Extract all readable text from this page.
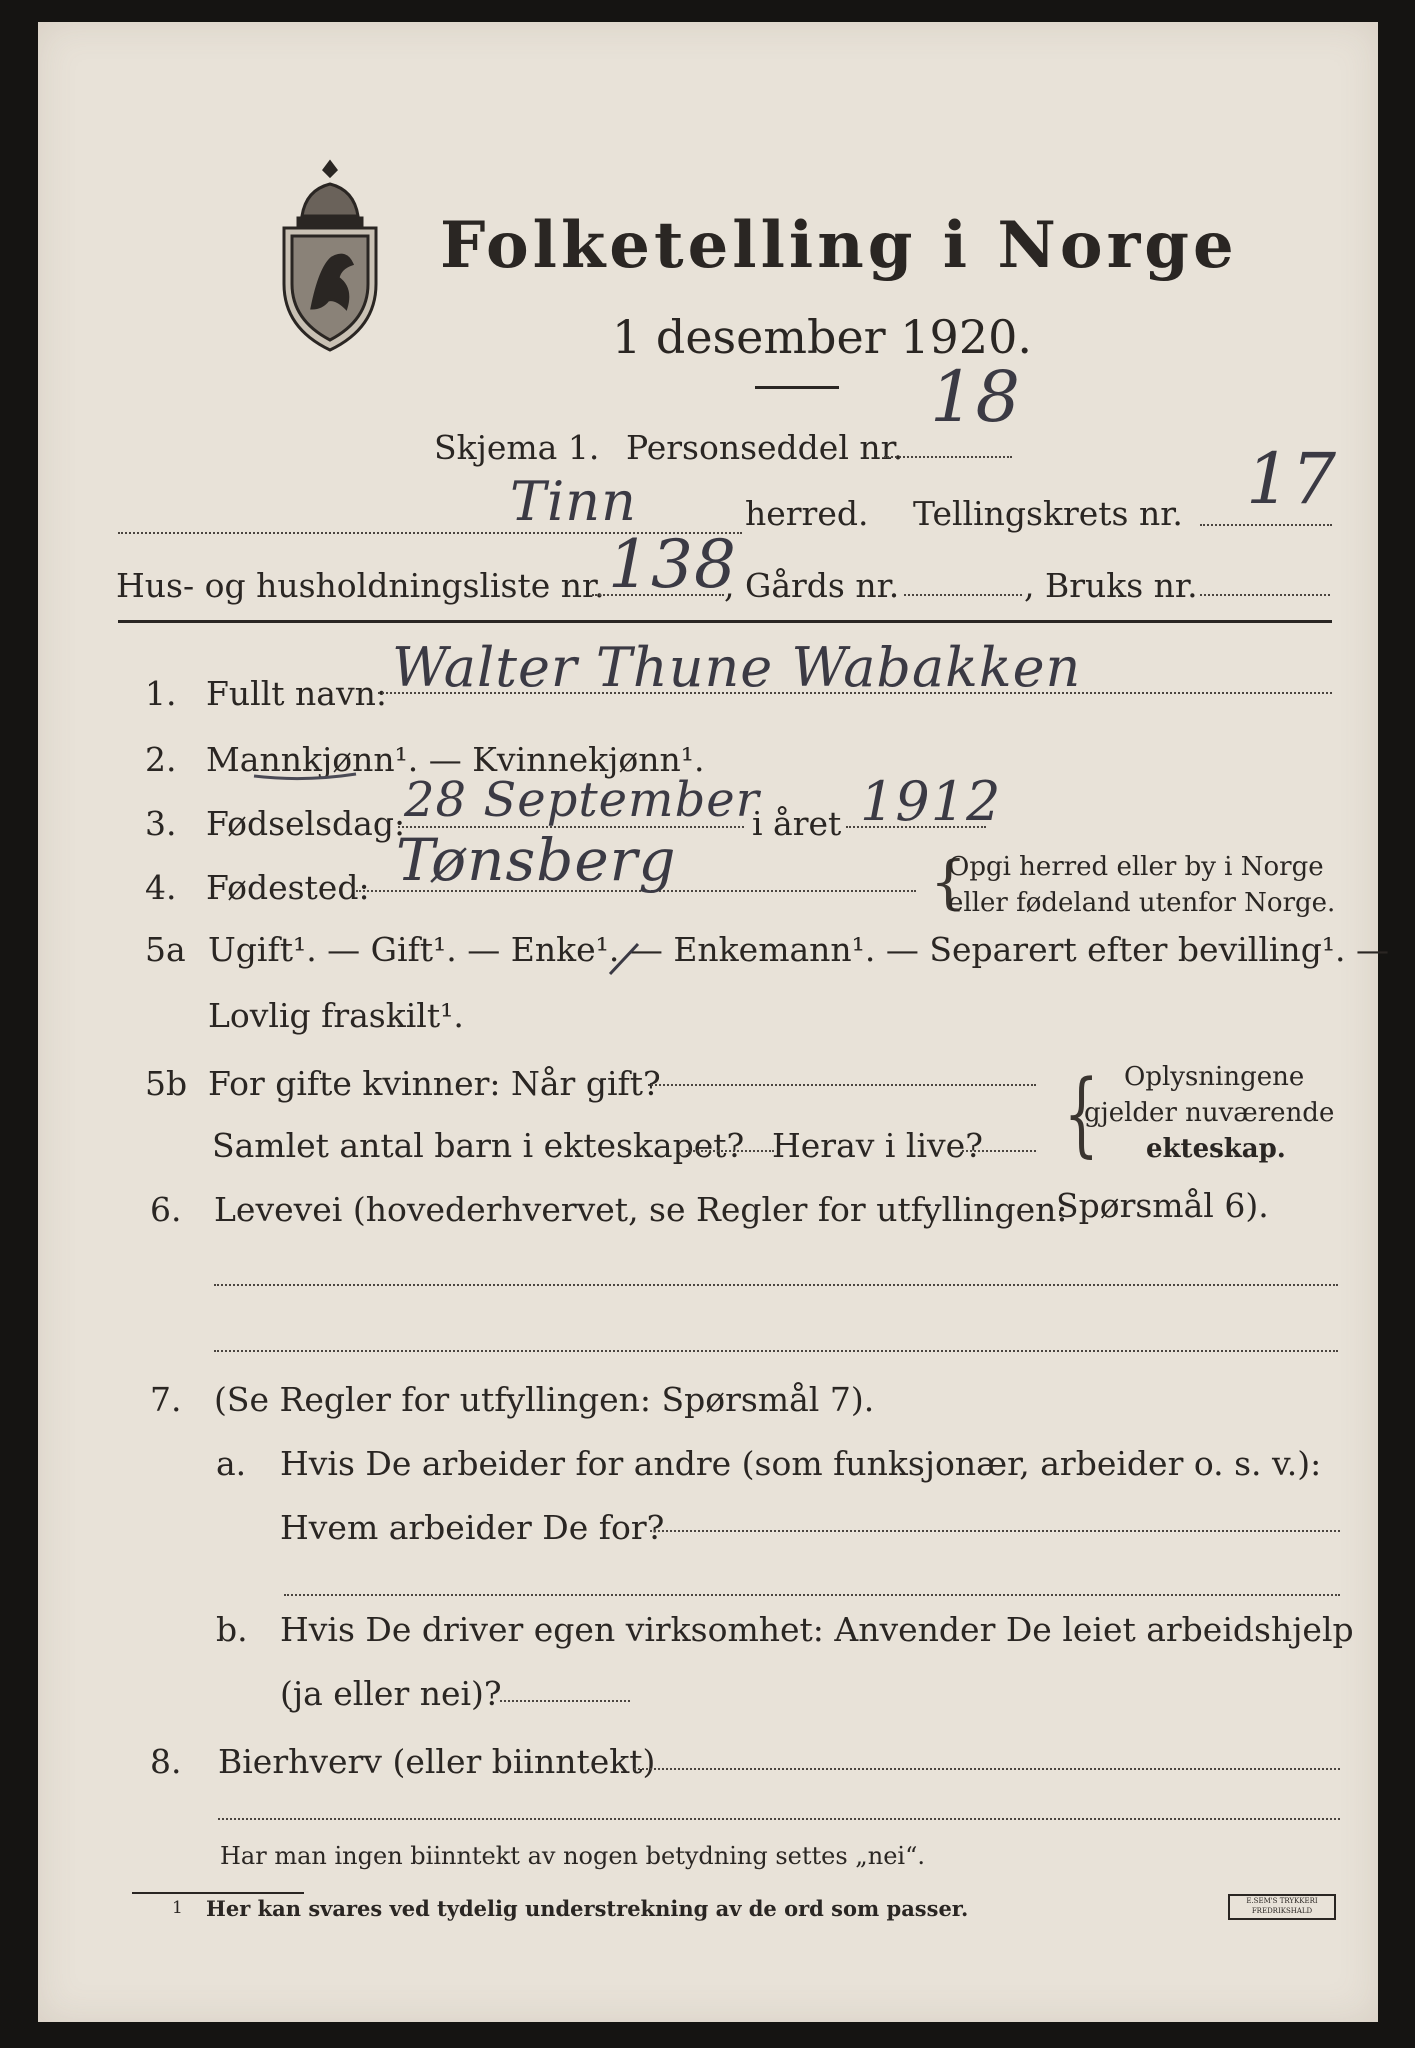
Folketelling i Norge
1 desember 1920.
Skjema 1. Personseddel nr.
18
Tinn	herred. Tellingskrets nr. 17
Hus- og husholdningsliste nr. 138
, Gårds nr.	, Bruks nr.
1. Fullt navn: Walter Thune Wabakken
2. Mannkjønn¹. — Kvinnekjønn¹.
3. Fødselsdag:
28 September
i året 1912
4. Fødested: Tønsberg	{
Opgi herred eller by i Norge
eller fødeland utenfor Norge.
5a Ugift¹. — Gift¹. — Enke¹. — Enkemann¹. — Separert efter bevilling¹. —
Lovlig fraskilt¹.
5b For gifte kvinner: Når gift?
Samlet antal barn i ekteskapet? Herav i live? { Oplysningene
gjelder nuværende
ekteskap.
6. Levevei (hovederhvervet, se Regler for utfyllingen:
Spørsmål 6).
7. (Se Regler for utfyllingen: Spørsmål 7).
a. Hvis De arbeider for andre (som funksjonær, arbeider o. s. v.):
Hvem arbeider De for?
b. Hvis De driver egen virksomhet: Anvender De leiet arbeidshjelp
(ja eller nei)?
8. Bierhverv (eller biinntekt)
Har man ingen biinntekt av nogen betydning settes „nei“.
1 Her kan svares ved tydelig understrekning av de ord som passer.	E.SEM'S TRYKKERI FREDRIKSHALD
